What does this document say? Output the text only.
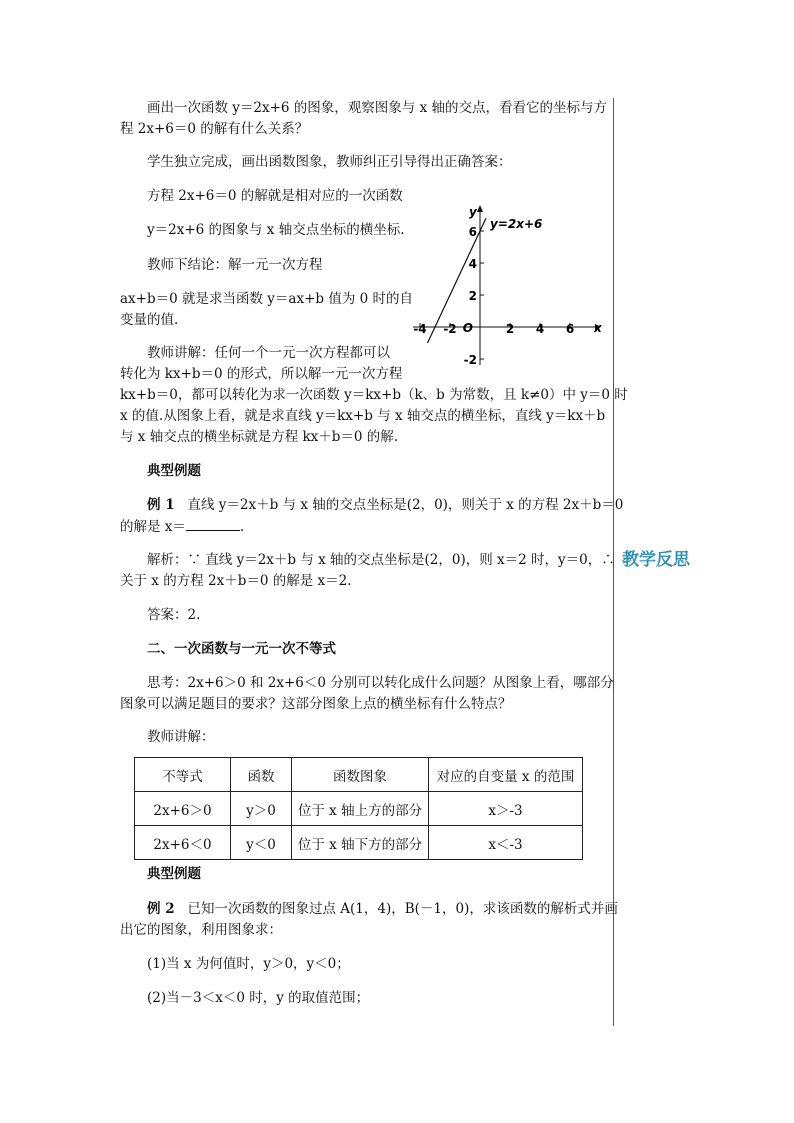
教学反思
画出一次函数 y＝2x+6 的图象，观察图象与 x 轴的交点，看看它的坐标与方
程 2x+6＝0 的解有什么关系？
学生独立完成，画出函数图象，教师纠正引导得出正确答案：
方程 2x+6＝0 的解就是相对应的一次函数
y＝2x+6 的图象与 x 轴交点坐标的横坐标.
教师下结论：解一元一次方程
ax+b＝0 就是求当函数 y＝ax+b 值为 0 时的自
变量的值.
教师讲解：任何一个一元一次方程都可以
转化为 kx+b＝0 的形式，所以解一元一次方程
kx+b＝0，都可以转化为求一次函数 y＝kx+b（k、b 为常数，且 k≠0）中 y＝0 时
x 的值.从图象上看，就是求直线 y＝kx+b 与 x 轴交点的横坐标，直线 y＝kx＋b
与 x 轴交点的横坐标就是方程 kx＋b＝0 的解.
典型例题
例 1 直线 y＝2x＋b 与 x 轴的交点坐标是(2，0)，则关于 x 的方程 2x＋b＝0
的解是 x＝	.
解析：∵ 直线 y＝2x＋b 与 x 轴的交点坐标是(2，0)，则 x＝2 时，y＝0，∴
关于 x 的方程 2x＋b＝0 的解是 x＝2.
答案：2.
二、一次函数与一元一次不等式
思考：2x+6＞0 和 2x+6＜0 分别可以转化成什么问题？从图象上看，哪部分
图象可以满足题目的要求？这部分图象上点的横坐标有什么特点？
教师讲解：
不等式	函数	函数图象	对应的自变量 x 的范围
2x+6＞0	y＞0	位于 x 轴上方的部分	x＞-3
2x+6＜0	y＜0	位于 x 轴下方的部分	x＜-3
典型例题
例 2 已知一次函数的图象过点 A(1，4)，B(－1，0)，求该函数的解析式并画
出它的图象，利用图象求：
(1)当 x 为何值时，y＞0，y＜0；
(2)当－3＜x＜0 时，y 的取值范围；
-4 -2	2 4 6
6
4
2
-2
x
y
O
y=2x+6
